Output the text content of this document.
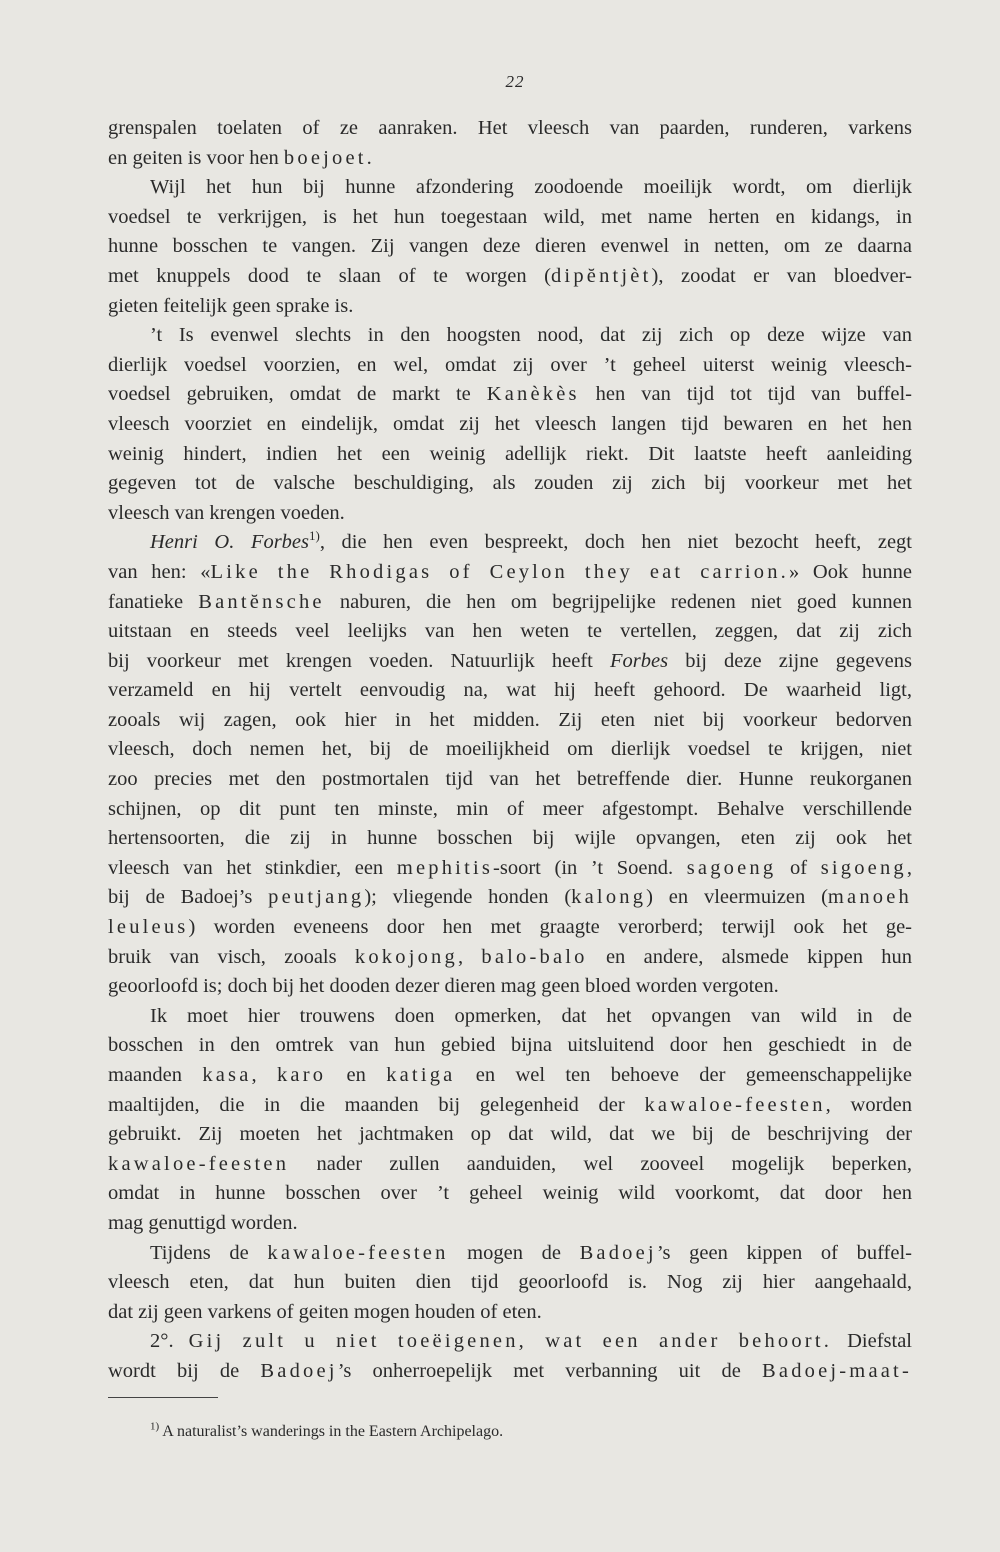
22
grenspalen toelaten of ze aanraken. Het vleesch van paarden, runderen, varkens
en geiten is voor hen boejoet.
Wijl het hun bij hunne afzondering zoodoende moeilijk wordt, om dierlijk
voedsel te verkrijgen, is het hun toegestaan wild, met name herten en kidangs, in
hunne bosschen te vangen. Zij vangen deze dieren evenwel in netten, om ze daarna
met knuppels dood te slaan of te worgen (dipĕntjèt), zoodat er van bloedver-
gieten feitelijk geen sprake is.
’t Is evenwel slechts in den hoogsten nood, dat zij zich op deze wijze van
dierlijk voedsel voorzien, en wel, omdat zij over ’t geheel uiterst weinig vleesch-
voedsel gebruiken, omdat de markt te Kanèkès hen van tijd tot tijd van buffel-
vleesch voorziet en eindelijk, omdat zij het vleesch langen tijd bewaren en het hen
weinig hindert, indien het een weinig adellijk riekt. Dit laatste heeft aanleiding
gegeven tot de valsche beschuldiging, als zouden zij zich bij voorkeur met het
vleesch van krengen voeden.
Henri O. Forbes$^{1)}$, die hen even bespreekt, doch hen niet bezocht heeft, zegt
van hen: «Like the Rhodigas of Ceylon they eat carrion.» Ook hunne
fanatieke Bantĕnsche naburen, die hen om begrijpelijke redenen niet goed kunnen
uitstaan en steeds veel leelijks van hen weten te vertellen, zeggen, dat zij zich
bij voorkeur met krengen voeden. Natuurlijk heeft Forbes bij deze zijne gegevens
verzameld en hij vertelt eenvoudig na, wat hij heeft gehoord. De waarheid ligt,
zooals wij zagen, ook hier in het midden. Zij eten niet bij voorkeur bedorven
vleesch, doch nemen het, bij de moeilijkheid om dierlijk voedsel te krijgen, niet
zoo precies met den postmortalen tijd van het betreffende dier. Hunne reukorganen
schijnen, op dit punt ten minste, min of meer afgestompt. Behalve verschillende
hertensoorten, die zij in hunne bosschen bij wijle opvangen, eten zij ook het
vleesch van het stinkdier, een mephitis-soort (in ’t Soend. sagoeng of sigoeng,
bij de Badoej’s peutjang); vliegende honden (kalong) en vleermuizen (manoeh
leuleus) worden eveneens door hen met graagte verorberd; terwijl ook het ge-
bruik van visch, zooals kokojong, balo-balo en andere, alsmede kippen hun
geoorloofd is; doch bij het dooden dezer dieren mag geen bloed worden vergoten.
Ik moet hier trouwens doen opmerken, dat het opvangen van wild in de
bosschen in den omtrek van hun gebied bijna uitsluitend door hen geschiedt in de
maanden kasa, karo en katiga en wel ten behoeve der gemeenschappelijke
maaltijden, die in die maanden bij gelegenheid der kawaloe-feesten, worden
gebruikt. Zij moeten het jachtmaken op dat wild, dat we bij de beschrijving der
kawaloe-feesten nader zullen aanduiden, wel zooveel mogelijk beperken,
omdat in hunne bosschen over ’t geheel weinig wild voorkomt, dat door hen
mag genuttigd worden.
Tijdens de kawaloe-feesten mogen de Badoej’s geen kippen of buffel-
vleesch eten, dat hun buiten dien tijd geoorloofd is. Nog zij hier aangehaald,
dat zij geen varkens of geiten mogen houden of eten.
2°. Gij zult u niet toeëigenen, wat een ander behoort. Diefstal
wordt bij de Badoej’s onherroepelijk met verbanning uit de Badoej-maat-
$^{1)}$ A naturalist’s wanderings in the Eastern Archipelago.
